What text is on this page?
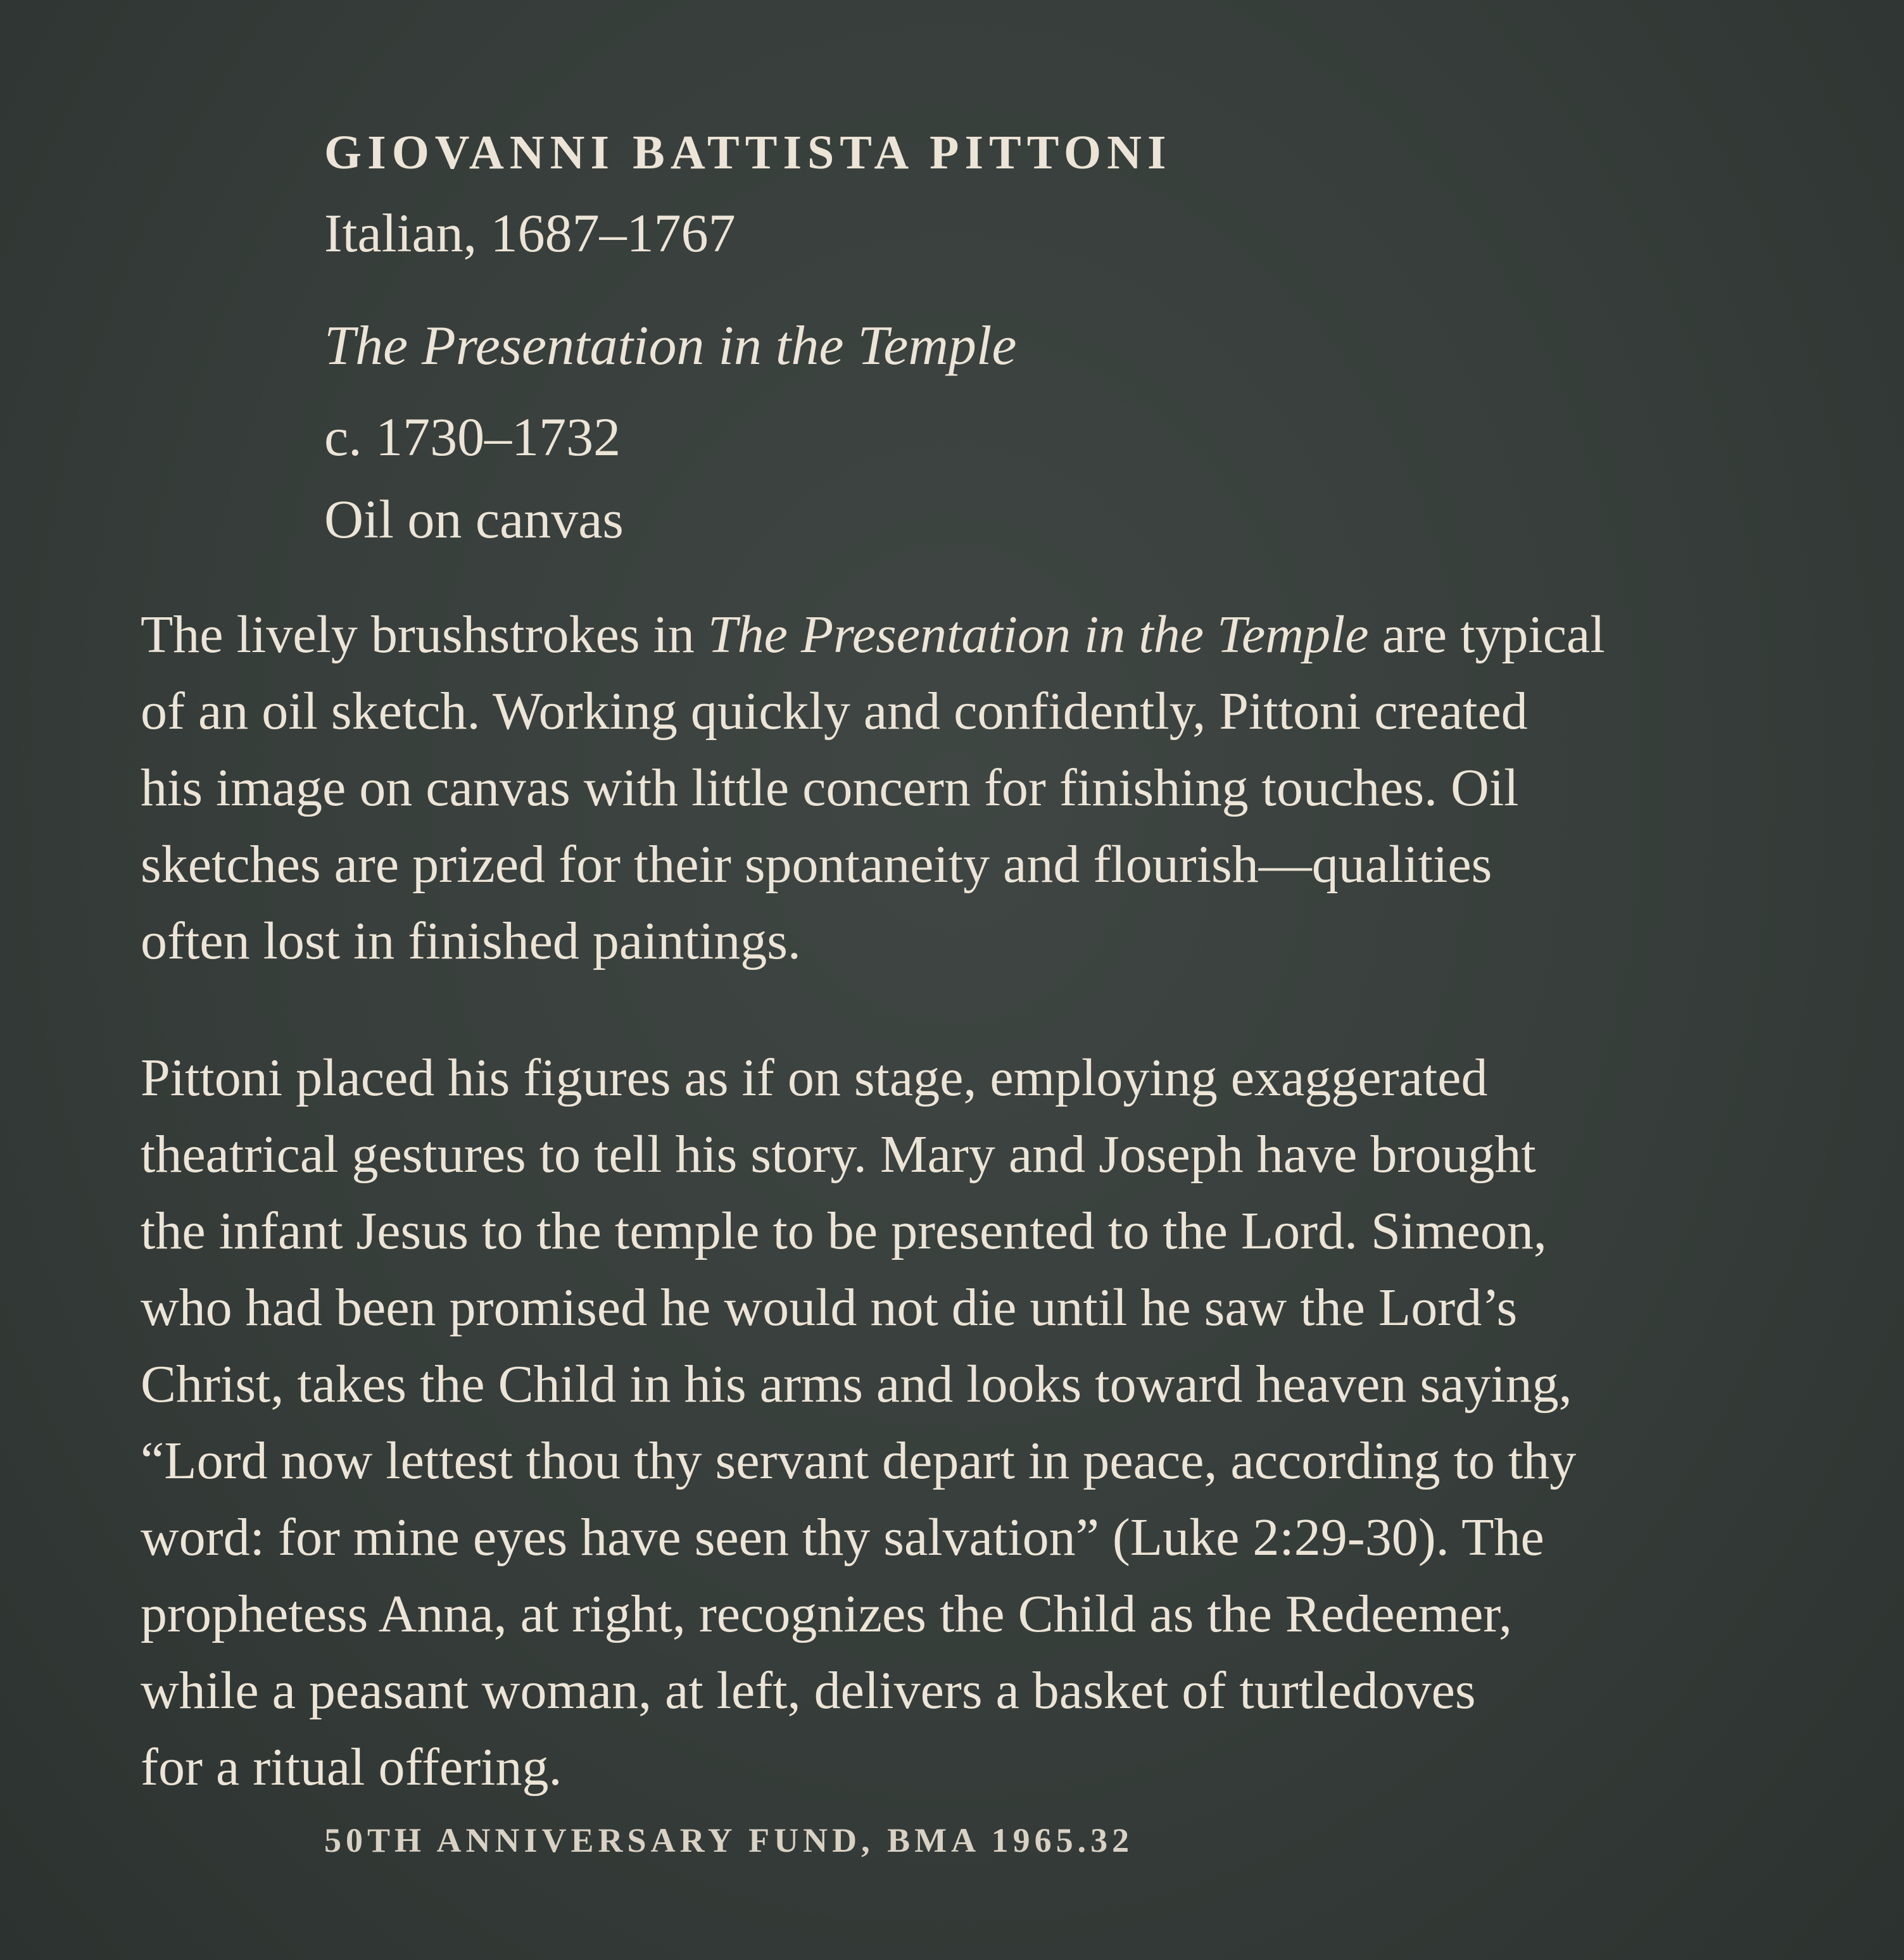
GIOVANNI BATTISTA PITTONI
Italian, 1687–1767
The Presentation in the Temple
c. 1730–1732
Oil on canvas
The lively brushstrokes in The Presentation in the Temple are typical
of an oil sketch. Working quickly and confidently, Pittoni created
his image on canvas with little concern for finishing touches. Oil
sketches are prized for their spontaneity and flourish—qualities
often lost in finished paintings.
Pittoni placed his figures as if on stage, employing exaggerated
theatrical gestures to tell his story. Mary and Joseph have brought
the infant Jesus to the temple to be presented to the Lord. Simeon,
who had been promised he would not die until he saw the Lord’s
Christ, takes the Child in his arms and looks toward heaven saying,
“Lord now lettest thou thy servant depart in peace, according to thy
word: for mine eyes have seen thy salvation” (Luke 2:29-30). The
prophetess Anna, at right, recognizes the Child as the Redeemer,
while a peasant woman, at left, delivers a basket of turtledoves
for a ritual offering.
50TH ANNIVERSARY FUND, BMA 1965.32
